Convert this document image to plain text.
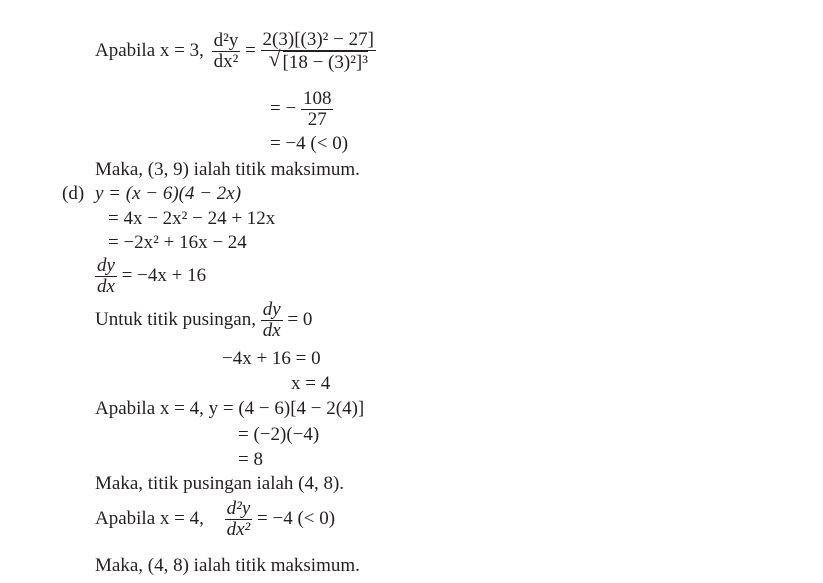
Apabila x = 3, $\frac{\text{d²y}}{\text{dx²}} = 2(3)[(3)^2 - 27]$
√ [18 − (3)²]³
= − $\frac{108}{27}$
= −4 (< 0)
Maka, (3, 9) ialah titik maksimum.
(d) y = (x − 6)(4 − 2x)
= 4x − 2x² − 24 + 12x
= −2x² + 16x − 24
$\frac{dy}{dx} = -4x + 16$
Untuk titik pusingan, $\frac{dy}{dx} = 0$
−4x + 16 = 0
x = 4
Apabila x = 4, y = (4 − 6)[4 − 2(4)]
= (−2)(−4)
= 8
Maka, titik pusingan ialah (4, 8).
Apabila x = 4, $\frac{\text{d²y}}{\text{dx²}} = -4$ (< 0)
Maka, (4, 8) ialah titik maksimum.
